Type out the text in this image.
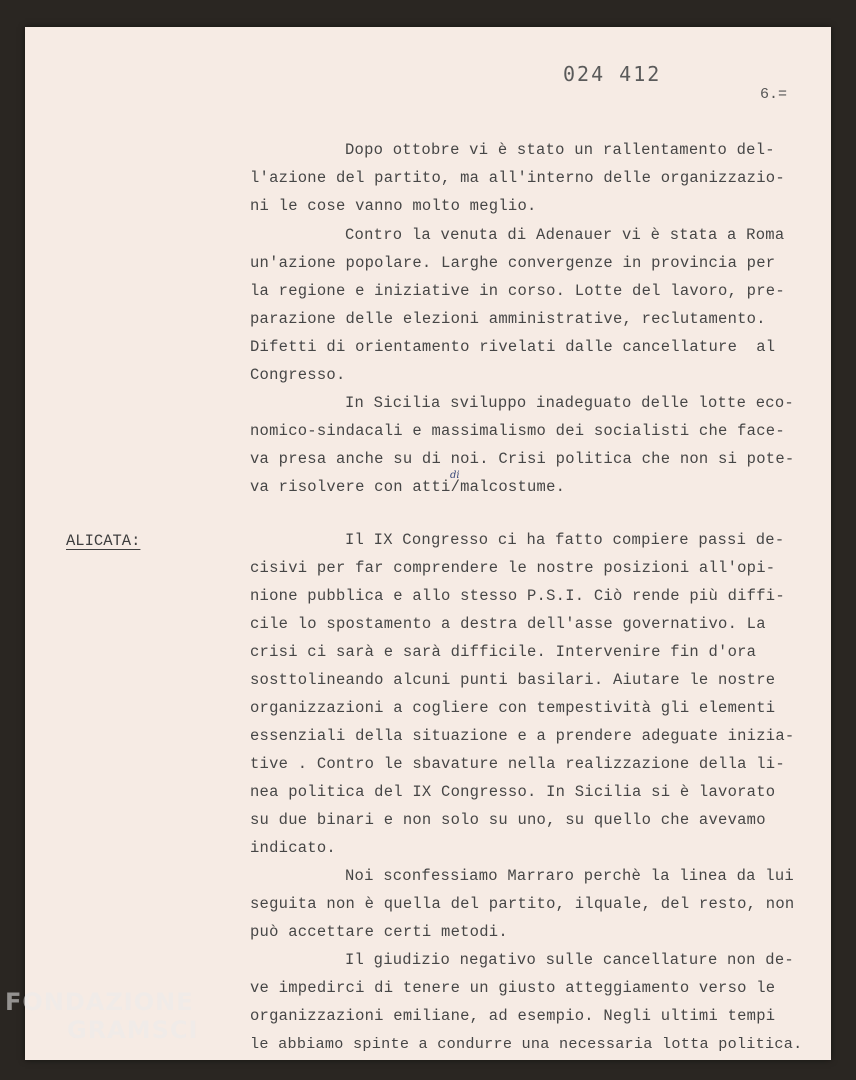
024 412
6.=
ALICATA:
di
Dopo ottobre vi è stato un rallentamento del-
l'azione del partito, ma all'interno delle organizzazio-
ni le cose vanno molto meglio.
Contro la venuta di Adenauer vi è stata a Roma
un'azione popolare. Larghe convergenze in provincia per
la regione e iniziative in corso. Lotte del lavoro, pre-
parazione delle elezioni amministrative, reclutamento.
Difetti di orientamento rivelati dalle cancellature  al
Congresso.
In Sicilia sviluppo inadeguato delle lotte eco-
nomico-sindacali e massimalismo dei socialisti che face-
va presa anche su di noi. Crisi politica che non si pote-
va risolvere con atti/malcostume.
Il IX Congresso ci ha fatto compiere passi de-
cisivi per far comprendere le nostre posizioni all'opi-
nione pubblica e allo stesso P.S.I. Ciò rende più diffi-
cile lo spostamento a destra dell'asse governativo. La
crisi ci sarà e sarà difficile. Intervenire fin d'ora
sosttolineando alcuni punti basilari. Aiutare le nostre
organizzazioni a cogliere con tempestività gli elementi
essenziali della situazione e a prendere adeguate inizia-
tive . Contro le sbavature nella realizzazione della li-
nea politica del IX Congresso. In Sicilia si è lavorato
su due binari e non solo su uno, su quello che avevamo
indicato.
Noi sconfessiamo Marraro perchè la linea da lui
seguita non è quella del partito, ilquale, del resto, non
può accettare certi metodi.
Il giudizio negativo sulle cancellature non de-
ve impedirci di tenere un giusto atteggiamento verso le
organizzazioni emiliane, ad esempio. Negli ultimi tempi
le abbiamo spinte a condurre una necessaria lotta politica.
FONDAZIONE
GRAMSCI
